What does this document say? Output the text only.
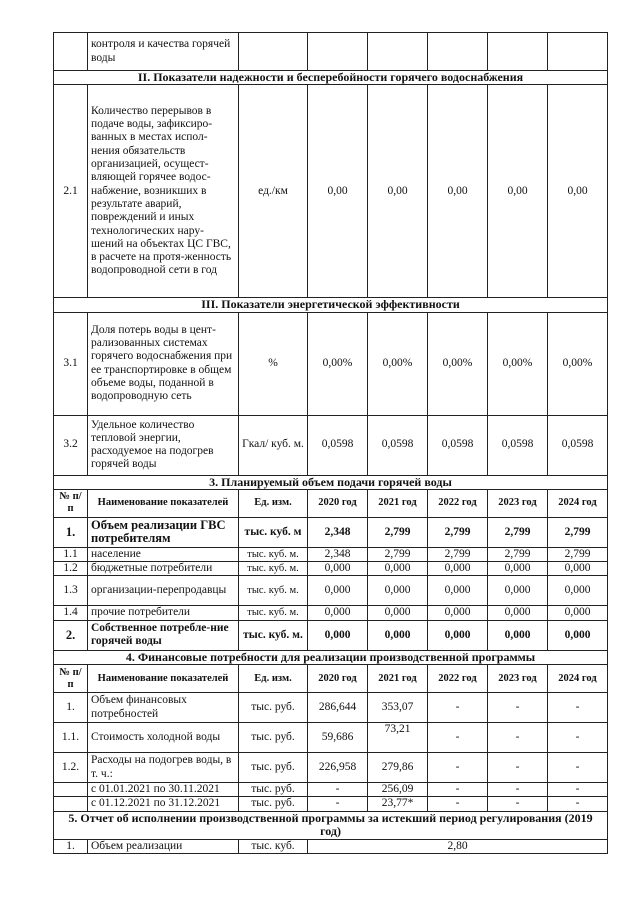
	контроля и качества горячей воды						
II. Показатели надежности и бесперебойности горячего водоснабжения							
2.1	Количество перерывов в подаче воды, зафиксиро-ванных в местах испол-нения обязательств организацией, осущест-вляющей горячее водос-набжение, возникших в результате аварий, повреждений и иных технологических нару-шений на объектах ЦС ГВС, в расчете на протя-женность водопроводной сети в год	ед./км	0,00	0,00	0,00	0,00	0,00
III. Показатели энергетической эффективности							
3.1	Доля потерь воды в цент-рализованных системах горячего водоснабжения при ее транспортировке в общем объеме воды, поданной в водопроводную сеть	%	0,00%	0,00%	0,00%	0,00%	0,00%
3.2	Удельное количество тепловой энергии, расходуемое на подогрев горячей воды	Гкал/ куб. м.	0,0598	0,0598	0,0598	0,0598	0,0598
3. Планируемый объем подачи горячей воды							
№ п/п	Наименование показателей	Ед. изм.	2020 год	2021 год	2022 год	2023 год	2024 год
1.	Объем реализации ГВС потребителям	тыс. куб. м	2,348	2,799	2,799	2,799	2,799
1.1	население	тыс. куб. м.	2,348	2,799	2,799	2,799	2,799
1.2	бюджетные потребители	тыс. куб. м.	0,000	0,000	0,000	0,000	0,000
1.3	организации-перепродавцы	тыс. куб. м.	0,000	0,000	0,000	0,000	0,000
1.4	прочие потребители	тыс. куб. м.	0,000	0,000	0,000	0,000	0,000
2.	Собственное потребле-ние горячей воды	тыс. куб. м.	0,000	0,000	0,000	0,000	0,000
4. Финансовые потребности для реализации производственной программы							
№ п/п	Наименование показателей	Ед. изм.	2020 год	2021 год	2022 год	2023 год	2024 год
1.	Объем финансовых потребностей	тыс. руб.	286,644	353,07	-	-	-
1.1.	Стоимость холодной воды	тыс. руб.	59,686	73,21	-	-	-
1.2.	Расходы на подогрев воды, в т. ч.:	тыс. руб.	226,958	279,86	-	-	-
	с 01.01.2021 по 30.11.2021	тыс. руб.	-	256,09	-	-	-
	с 01.12.2021 по 31.12.2021	тыс. руб.	-	23,77*	-	-	-
5. Отчет об исполнении производственной программы за истекший период регулирования (2019 год)							
1.	Объем реализации	тыс. куб.	2,80				
